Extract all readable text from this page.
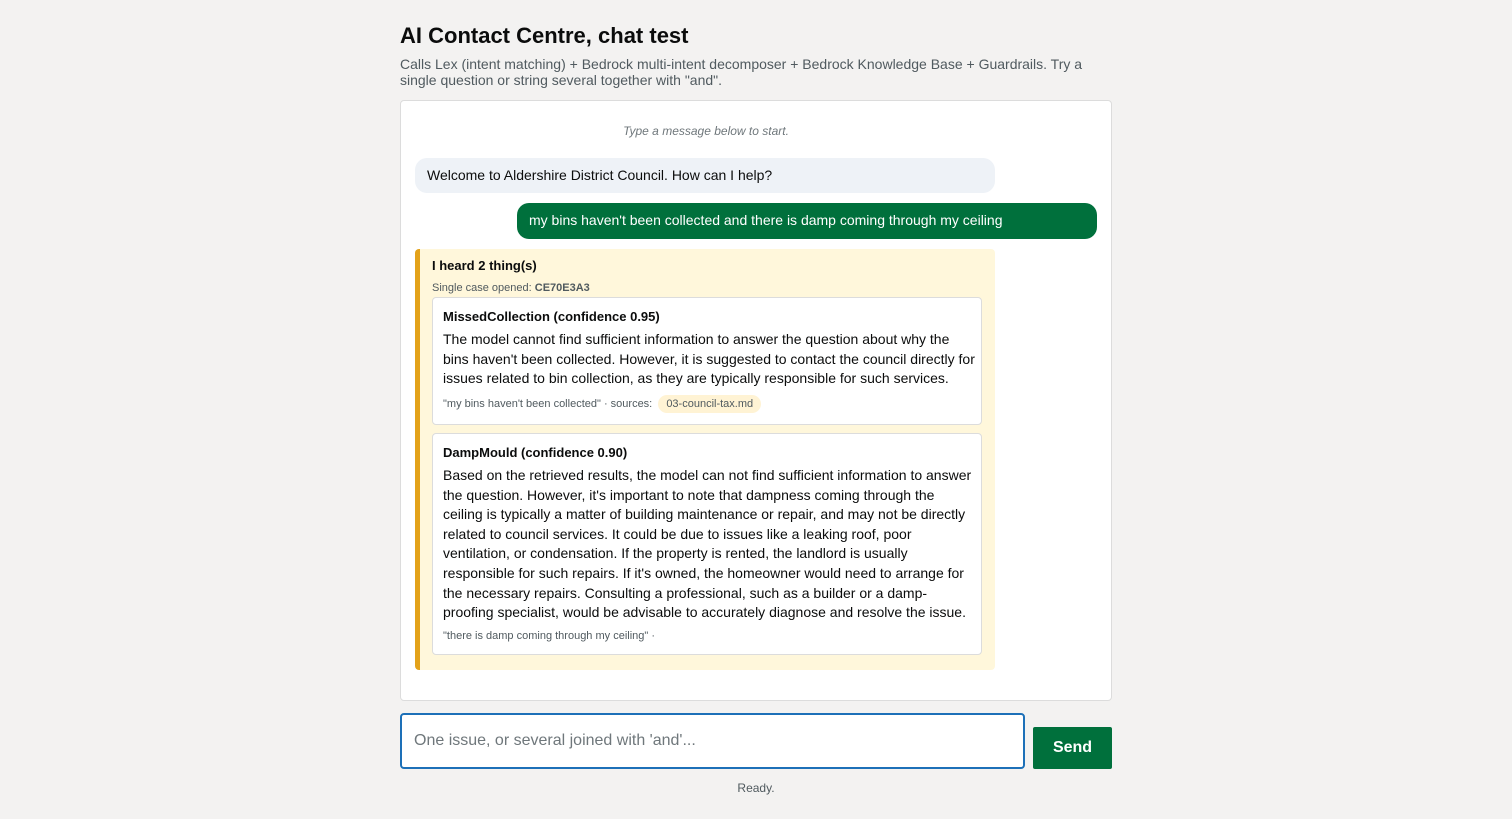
AI Contact Centre, chat test

Calls Lex (intent matching) + Bedrock multi-intent decomposer + Bedrock Knowledge Base + Guardrails. Try a single question or string several together with "and".

Type a message below to start.
Welcome to Aldershire District Council. How can I help?
my bins haven't been collected and there is damp coming through my ceiling
I heard 2 thing(s)
Single case opened: CE70E3A3
MissedCollection (confidence 0.95)

The model cannot find sufficient information to answer the question about why the bins haven't been collected. However, it is suggested to contact the council directly for issues related to bin collection, as they are typically responsible for such services.

"my bins haven't been collected" · sources: 03-council-tax.md
DampMould (confidence 0.90)

Based on the retrieved results, the model can not find sufficient information to answer the question. However, it's important to note that dampness coming through the ceiling is typically a matter of building maintenance or repair, and may not be directly related to council services. It could be due to issues like a leaking roof, poor ventilation, or condensation. If the property is rented, the landlord is usually responsible for such repairs. If it's owned, the homeowner would need to arrange for the necessary repairs. Consulting a professional, such as a builder or a damp-proofing specialist, would be advisable to accurately diagnose and resolve the issue.

"there is damp coming through my ceiling" ·
One issue, or several joined with 'and'...
Send
Ready.
